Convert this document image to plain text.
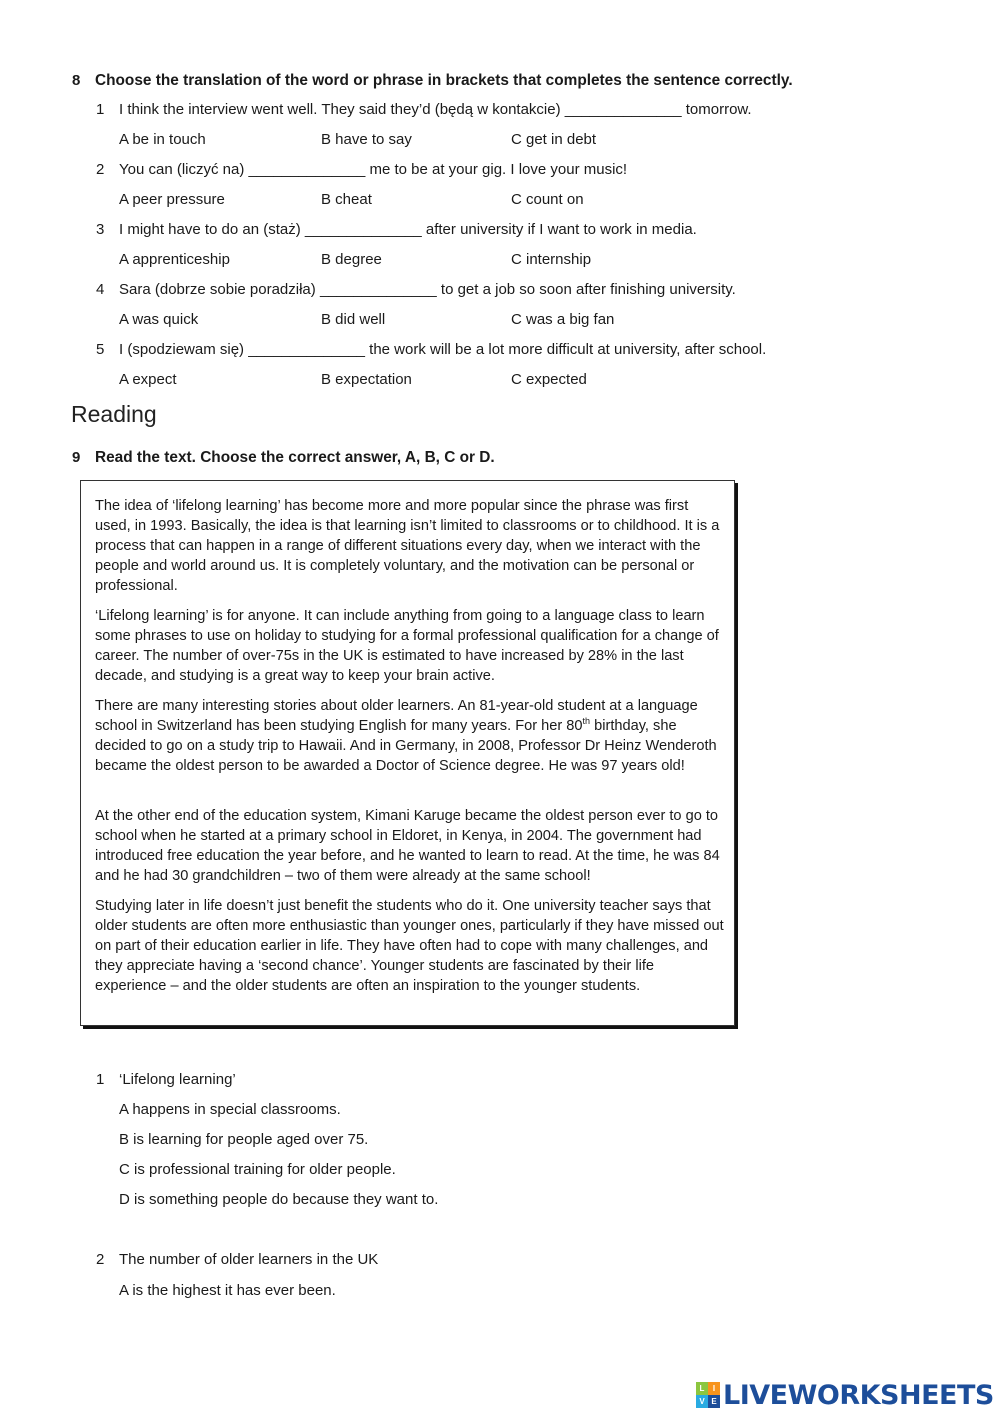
8 Choose the translation of the word or phrase in brackets that completes the sentence correctly.
1 I think the interview went well. They said they’d (będą w kontakcie) ______________ tomorrow.
A be in touch	B have to say	C get in debt
2 You can (liczyć na) ______________ me to be at your gig. I love your music!
A peer pressure	B cheat	C count on
3 I might have to do an (staż) ______________ after university if I want to work in media.
A apprenticeship	B degree	C internship
4 Sara (dobrze sobie poradziła) ______________ to get a job so soon after finishing university.
A was quick	B did well	C was a big fan
5 I (spodziewam się) ______________ the work will be a lot more difficult at university, after school.
A expect	B expectation	C expected
Reading
9 Read the text. Choose the correct answer, A, B, C or D.

The idea of ‘lifelong learning’ has become more and more popular since the phrase was first used, in 1993. Basically, the idea is that learning isn’t limited to classrooms or to childhood. It is a process that can happen in a range of different situations every day, when we interact with the people and world around us. It is completely voluntary, and the motivation can be personal or professional.

‘Lifelong learning’ is for anyone. It can include anything from going to a language class to learn some phrases to use on holiday to studying for a formal professional qualification for a change of career. The number of over-75s in the UK is estimated to have increased by 28% in the last decade, and studying is a great way to keep your brain active.

There are many interesting stories about older learners. An 81-year-old student at a language school in Switzerland has been studying English for many years. For her 80th birthday, she decided to go on a study trip to Hawaii. And in Germany, in 2008, Professor Dr Heinz Wenderoth became the oldest person to be awarded a Doctor of Science degree. He was 97 years old!

At the other end of the education system, Kimani Karuge became the oldest person ever to go to school when he started at a primary school in Eldoret, in Kenya, in 2004. The government had introduced free education the year before, and he wanted to learn to read. At the time, he was 84 and he had 30 grandchildren – two of them were already at the same school!

Studying later in life doesn’t just benefit the students who do it. One university teacher says that older students are often more enthusiastic than younger ones, particularly if they have missed out on part of their education earlier in life. They have often had to cope with many challenges, and they appreciate having a ‘second chance’. Younger students are fascinated by their life experience – and the older students are often an inspiration to the younger students.

1 ‘Lifelong learning’
A happens in special classrooms.
B is learning for people aged over 75.
C is professional training for older people.
D is something people do because they want to.
2 The number of older learners in the UK
A is the highest it has ever been.
L	I
V E LIVEWORKSHEETS
